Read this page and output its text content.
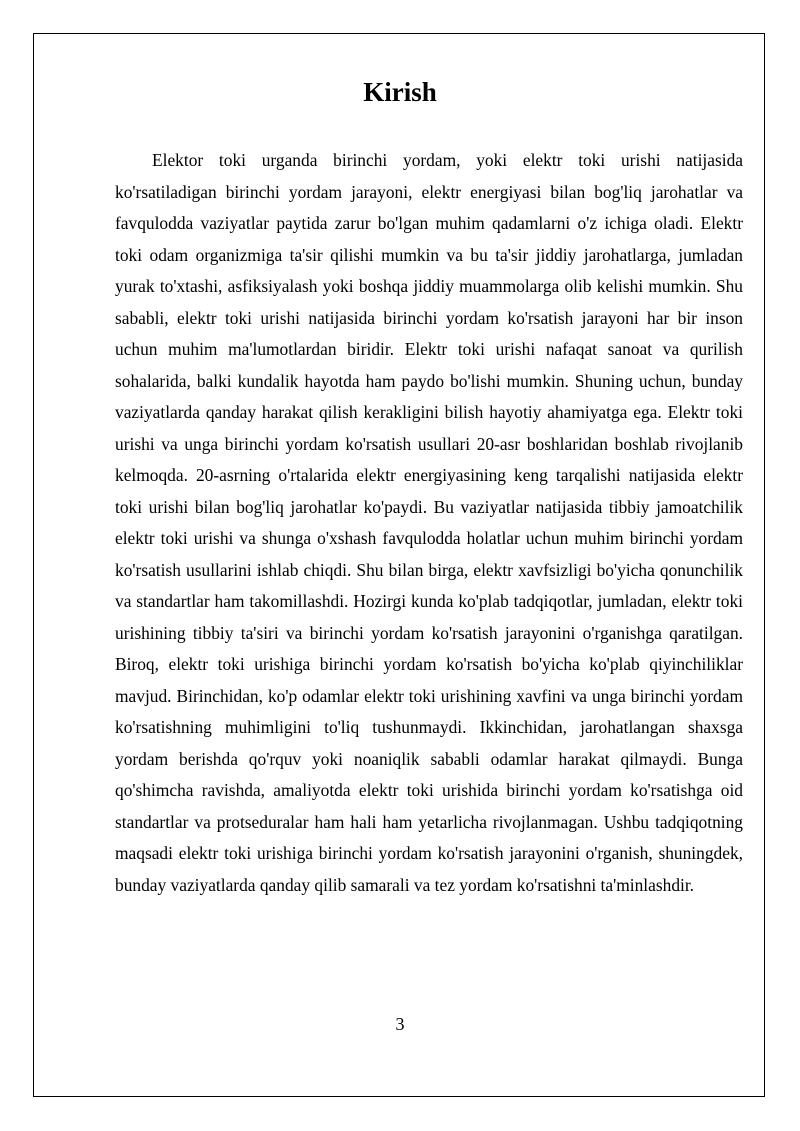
Kirish

Elektor toki urganda birinchi yordam, yoki elektr toki urishi natijasida ko'rsatiladigan birinchi yordam jarayoni, elektr energiyasi bilan bog'liq jarohatlar va favqulodda vaziyatlar paytida zarur bo'lgan muhim qadamlarni o'z ichiga oladi. Elektr toki odam organizmiga ta'sir qilishi mumkin va bu ta'sir jiddiy jarohatlarga, jumladan yurak to'xtashi, asfiksiyalash yoki boshqa jiddiy muammolarga olib kelishi mumkin. Shu sababli, elektr toki urishi natijasida birinchi yordam ko'rsatish jarayoni har bir inson uchun muhim ma'lumotlardan biridir. Elektr toki urishi nafaqat sanoat va qurilish sohalarida, balki kundalik hayotda ham paydo bo'lishi mumkin. Shuning uchun, bunday vaziyatlarda qanday harakat qilish kerakligini bilish hayotiy ahamiyatga ega. Elektr toki urishi va unga birinchi yordam ko'rsatish usullari 20-asr boshlaridan boshlab rivojlanib kelmoqda. 20-asrning o'rtalarida elektr energiyasining keng tarqalishi natijasida elektr toki urishi bilan bog'liq jarohatlar ko'paydi. Bu vaziyatlar natijasida tibbiy jamoatchilik elektr toki urishi va shunga o'xshash favqulodda holatlar uchun muhim birinchi yordam ko'rsatish usullarini ishlab chiqdi. Shu bilan birga, elektr xavfsizligi bo'yicha qonunchilik va standartlar ham takomillashdi. Hozirgi kunda ko'plab tadqiqotlar, jumladan, elektr toki urishining tibbiy ta'siri va birinchi yordam ko'rsatish jarayonini o'rganishga qaratilgan. Biroq, elektr toki urishiga birinchi yordam ko'rsatish bo'yicha ko'plab qiyinchiliklar mavjud. Birinchidan, ko'p odamlar elektr toki urishining xavfini va unga birinchi yordam ko'rsatishning muhimligini to'liq tushunmaydi. Ikkinchidan, jarohatlangan shaxsga yordam berishda qo'rquv yoki noaniqlik sababli odamlar harakat qilmaydi. Bunga qo'shimcha ravishda, amaliyotda elektr toki urishida birinchi yordam ko'rsatishga oid standartlar va protseduralar ham hali ham yetarlicha rivojlanmagan. Ushbu tadqiqotning maqsadi elektr toki urishiga birinchi yordam ko'rsatish jarayonini o'rganish, shuningdek, bunday vaziyatlarda qanday qilib samarali va tez yordam ko'rsatishni ta'minlashdir.

3
